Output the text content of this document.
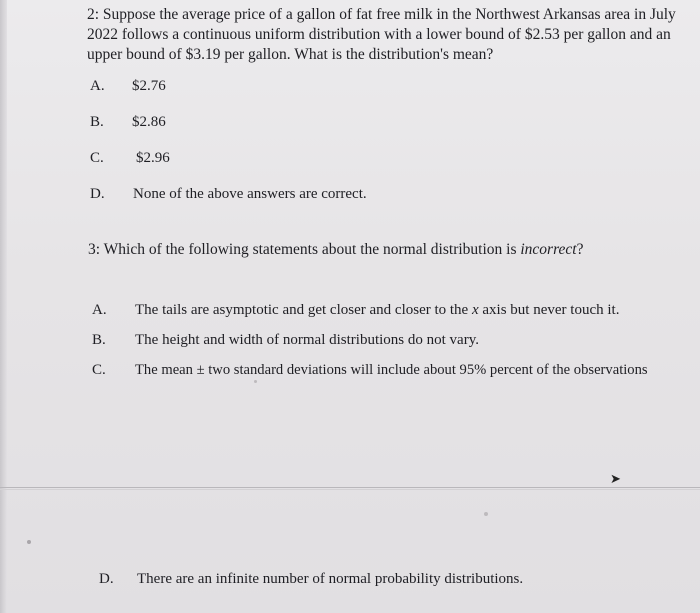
2: Suppose the average price of a gallon of fat free milk in the Northwest Arkansas area in July 2022 follows a continuous uniform distribution with a lower bound of $2.53 per gallon and an upper bound of $3.19 per gallon. What is the distribution's mean?
A. $2.76
B. $2.86
C. $2.96
D. None of the above answers are correct.
3: Which of the following statements about the normal distribution is incorrect?
A. The tails are asymptotic and get closer and closer to the x axis but never touch it.
B. The height and width of normal distributions do not vary.
C. The mean ± two standard deviations will include about 95% percent of the observations
D. There are an infinite number of normal probability distributions.
➤
